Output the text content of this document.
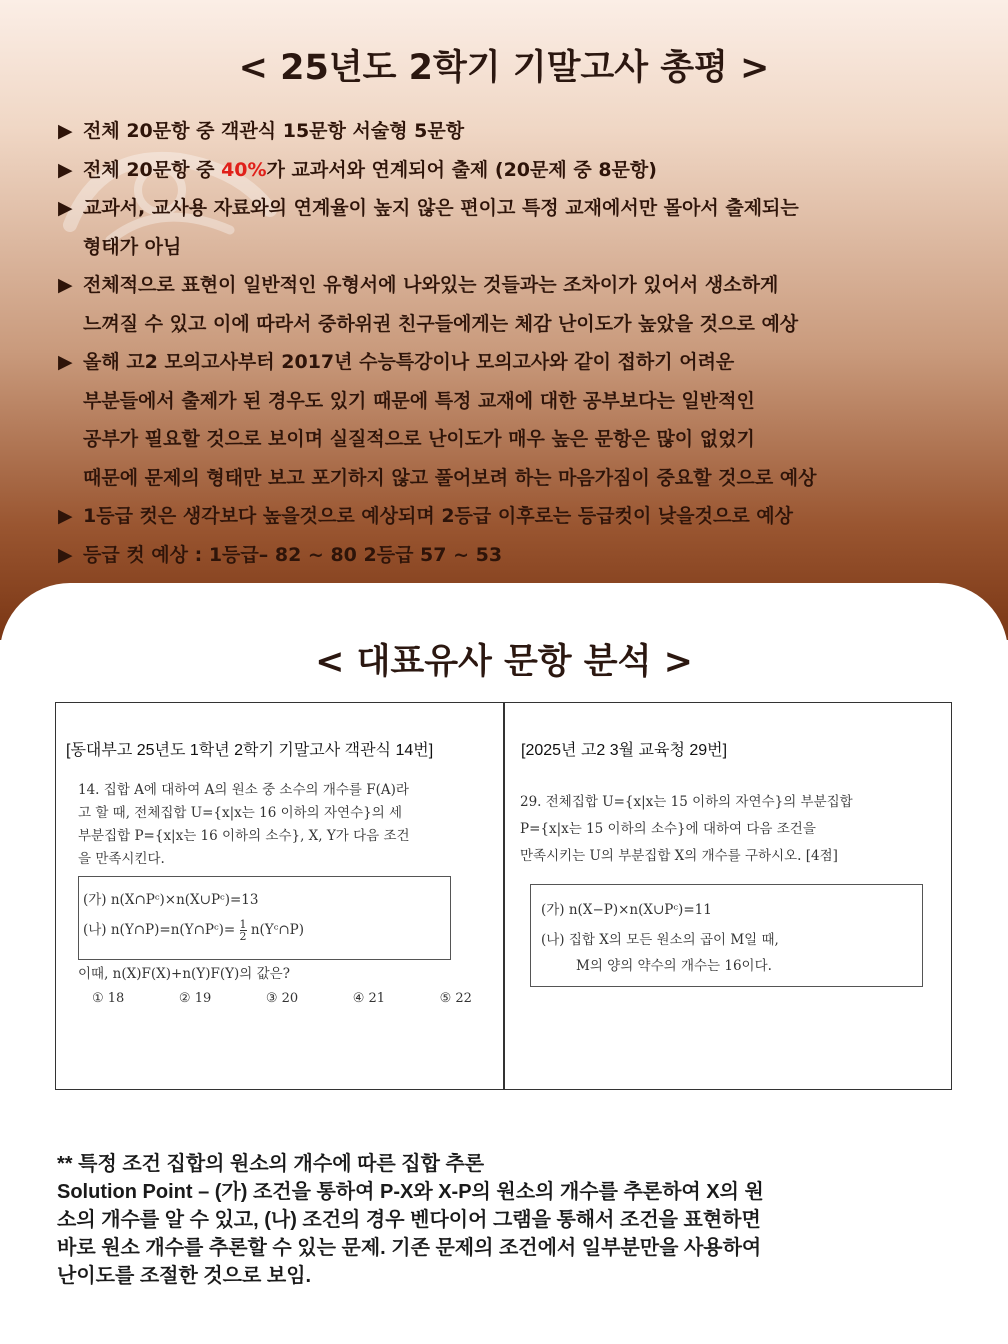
< 25년도 2학기 기말고사 총평 >
▶ 전체 20문항 중 객관식 15문항 서술형 5문항
▶ 전체 20문항 중 40%가 교과서와 연계되어 출제 (20문제 중 8문항)
▶ 교과서, 교사용 자료와의 연계율이 높지 않은 편이고 특정 교재에서만 몰아서 출제되는
형태가 아님
▶ 전체적으로 표현이 일반적인 유형서에 나와있는 것들과는 조차이가 있어서 생소하게
느껴질 수 있고 이에 따라서 중하위권 친구들에게는 체감 난이도가 높았을 것으로 예상
▶ 올해 고2 모의고사부터 2017년 수능특강이나 모의고사와 같이 접하기 어려운
부분들에서 출제가 된 경우도 있기 때문에 특정 교재에 대한 공부보다는 일반적인
공부가 필요할 것으로 보이며 실질적으로 난이도가 매우 높은 문항은 많이 없었기
때문에 문제의 형태만 보고 포기하지 않고 풀어보려 하는 마음가짐이 중요할 것으로 예상
▶ 1등급 컷은 생각보다 높을것으로 예상되며 2등급 이후로는 등급컷이 낮을것으로 예상
▶ 등급 컷 예상 : 1등급– 82 ~ 80 2등급 57 ~ 53
< 대표유사 문항 분석 >
[동대부고 25년도 1학년 2학기 기말고사 객관식 14번]
14. 집합 A에 대하여 A의 원소 중 소수의 개수를 F(A)라
고 할 때, 전체집합 U={x|x는 16 이하의 자연수}의 세
부분집합 P={x|x는 16 이하의 소수}, X, Y가 다음 조건
을 만족시킨다.
(가) n(X∩Pᶜ)×n(X∪Pᶜ)=13
(나) n(Y∩P)=n(Y∩Pᶜ)= $\frac{1}{2}$ n(Yᶜ∩P)
이때, n(X)F(X)+n(Y)F(Y)의 값은?
① 18	② 19	③ 20	④ 21	⑤ 22
[2025년 고2 3월 교육청 29번]
29. 전체집합 U={x|x는 15 이하의 자연수}의 부분집합
P={x|x는 15 이하의 소수}에 대하여 다음 조건을
만족시키는 U의 부분집합 X의 개수를 구하시오. [4점]
(가) n(X−P)×n(X∪Pᶜ)=11
(나) 집합 X의 모든 원소의 곱이 M일 때,
M의 양의 약수의 개수는 16이다.
** 특정 조건 집합의 원소의 개수에 따른 집합 추론
Solution Point – (가) 조건을 통하여 P-X와 X-P의 원소의 개수를 추론하여 X의 원
소의 개수를 알 수 있고, (나) 조건의 경우 벤다이어 그램을 통해서 조건을 표현하면
바로 원소 개수를 추론할 수 있는 문제. 기존 문제의 조건에서 일부분만을 사용하여
난이도를 조절한 것으로 보임.
